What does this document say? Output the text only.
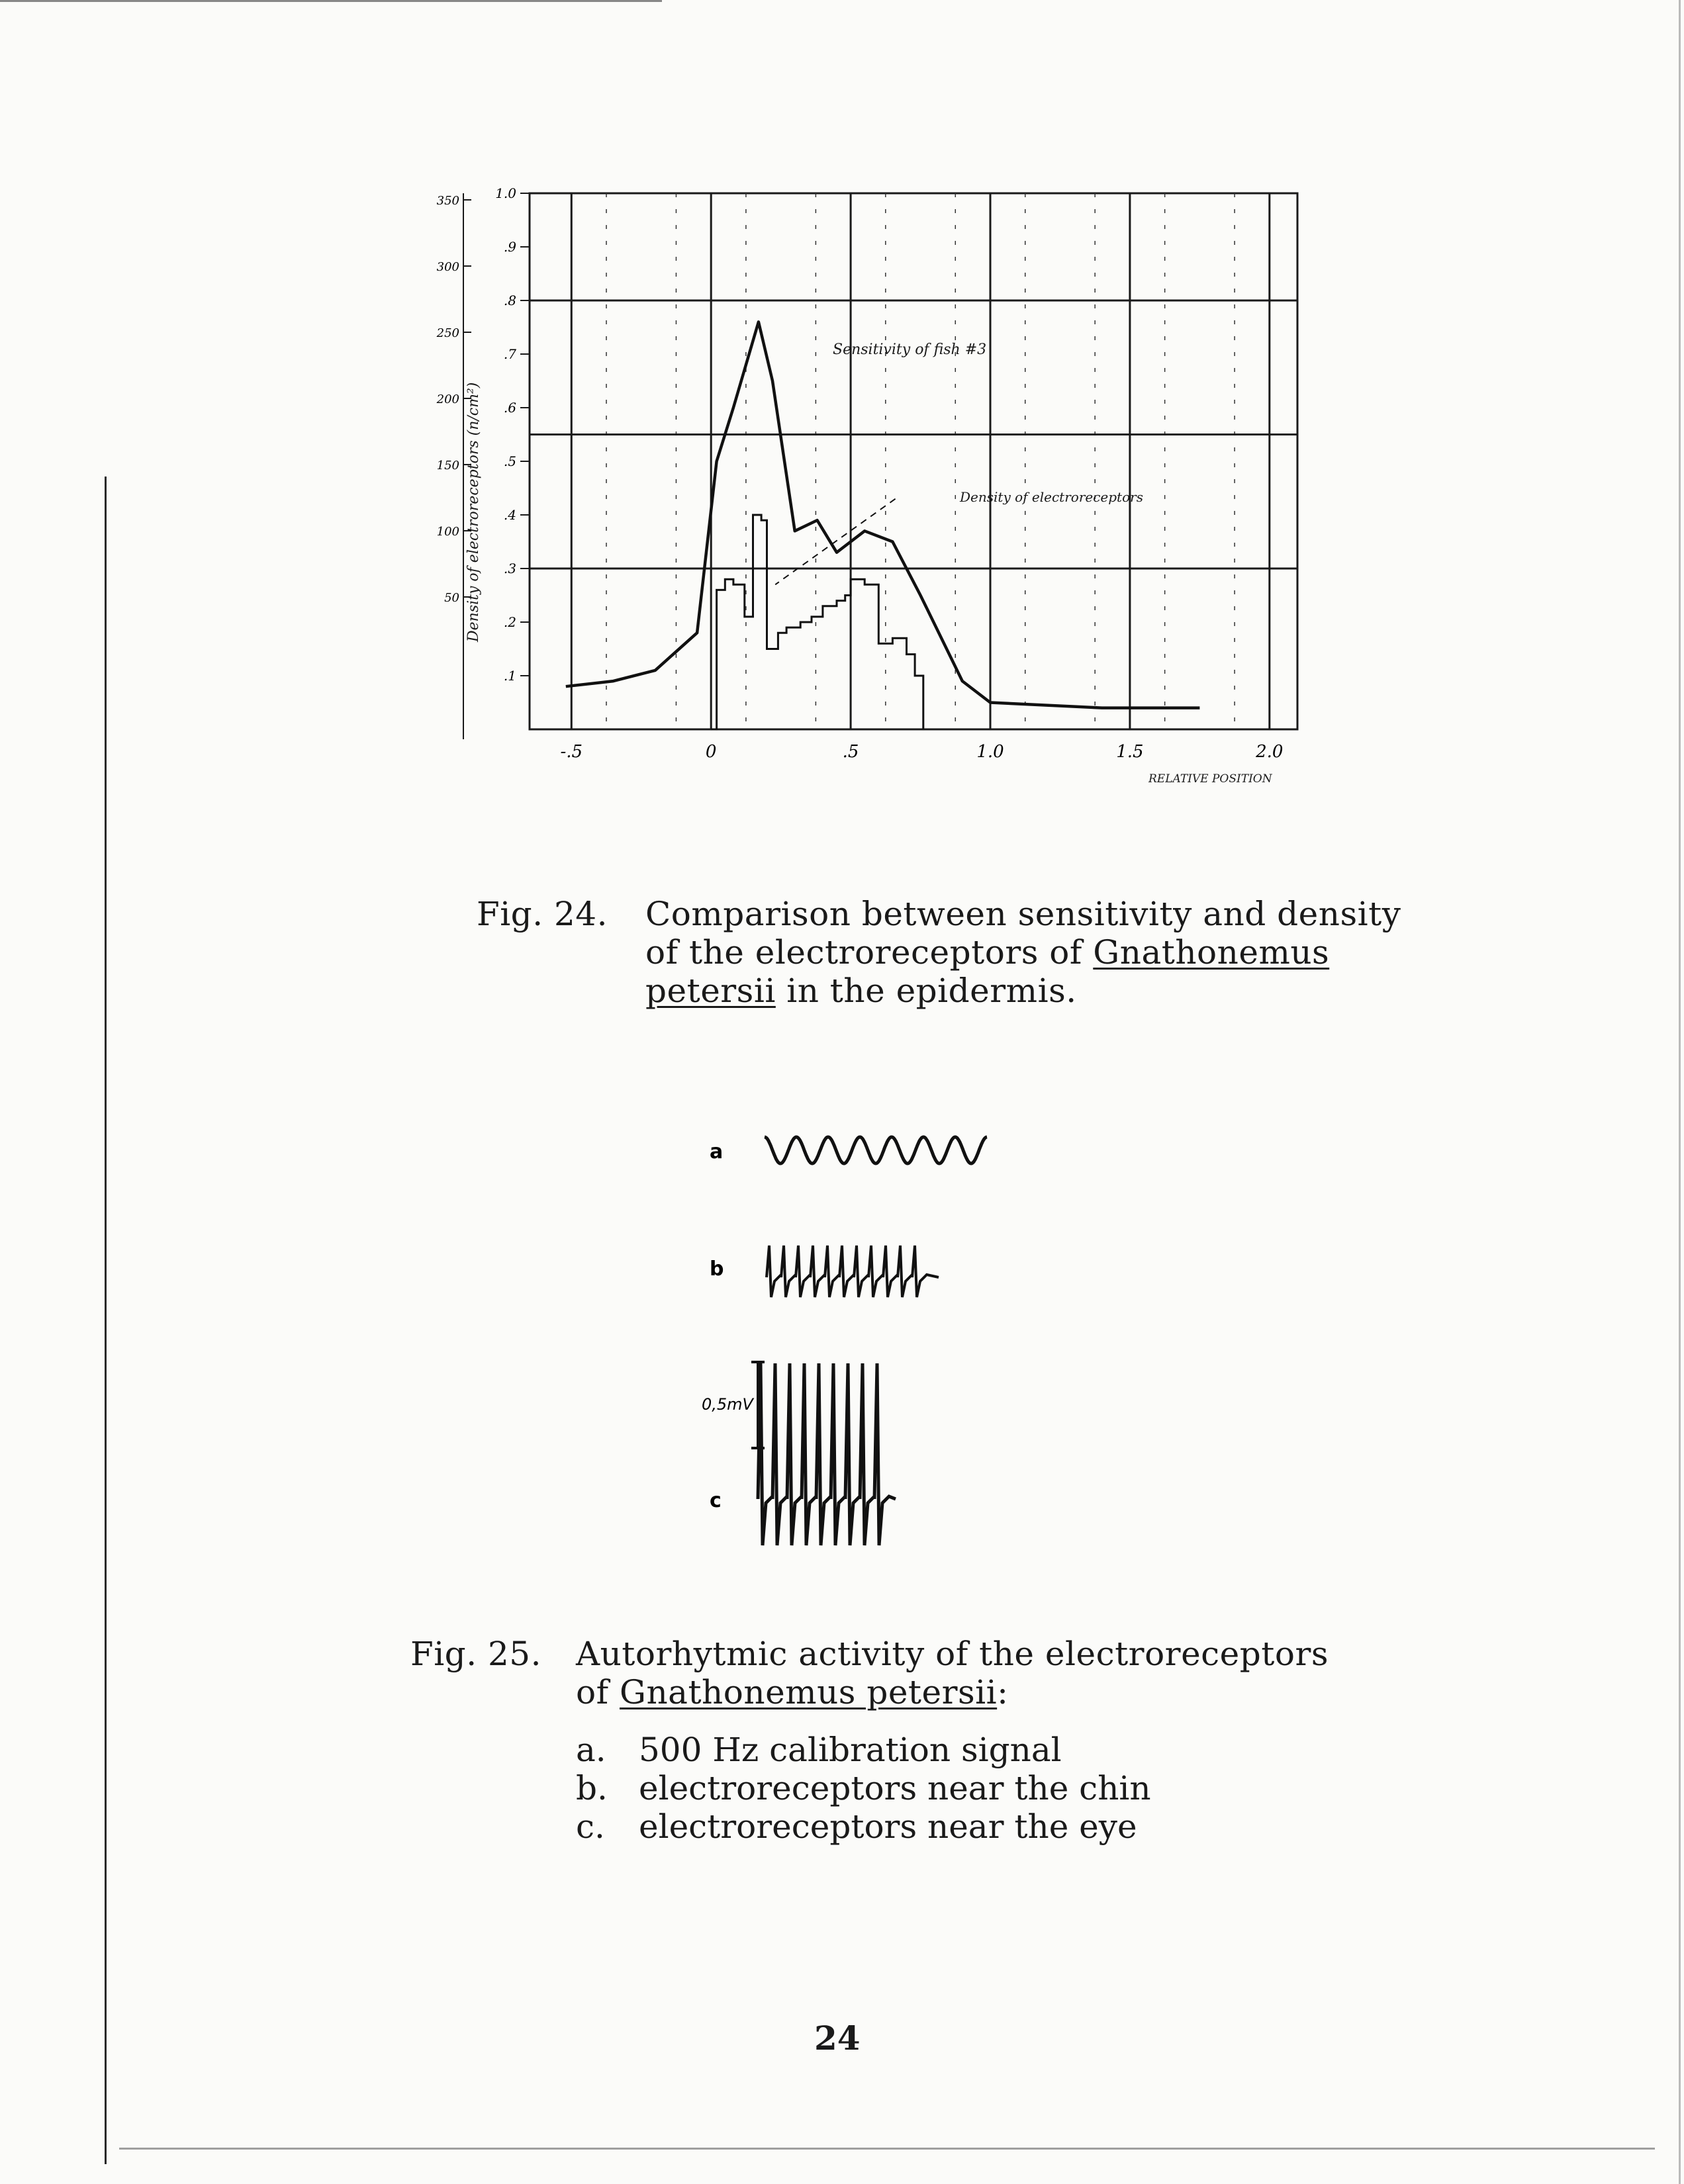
1.0
.9
.8
.7
.6
.5
.4
.3
.2
.1
350
300
250
200
150
100
50
-.5	0	.5	1.0	1.5	2.0
RELATIVE POSITION
Density of electroreceptors (n/cm²)
Sensitivity of fish #3
Density of electroreceptors
Fig. 24. Comparison between sensitivity and density
of the electroreceptors of Gnathonemus
petersii in the epidermis.
a
b
c
0,5mV
Fig. 25. Autorhytmic activity of the electroreceptors
of Gnathonemus petersii:
a. 500 Hz calibration signal
b. electroreceptors near the chin
c. electroreceptors near the eye
24
